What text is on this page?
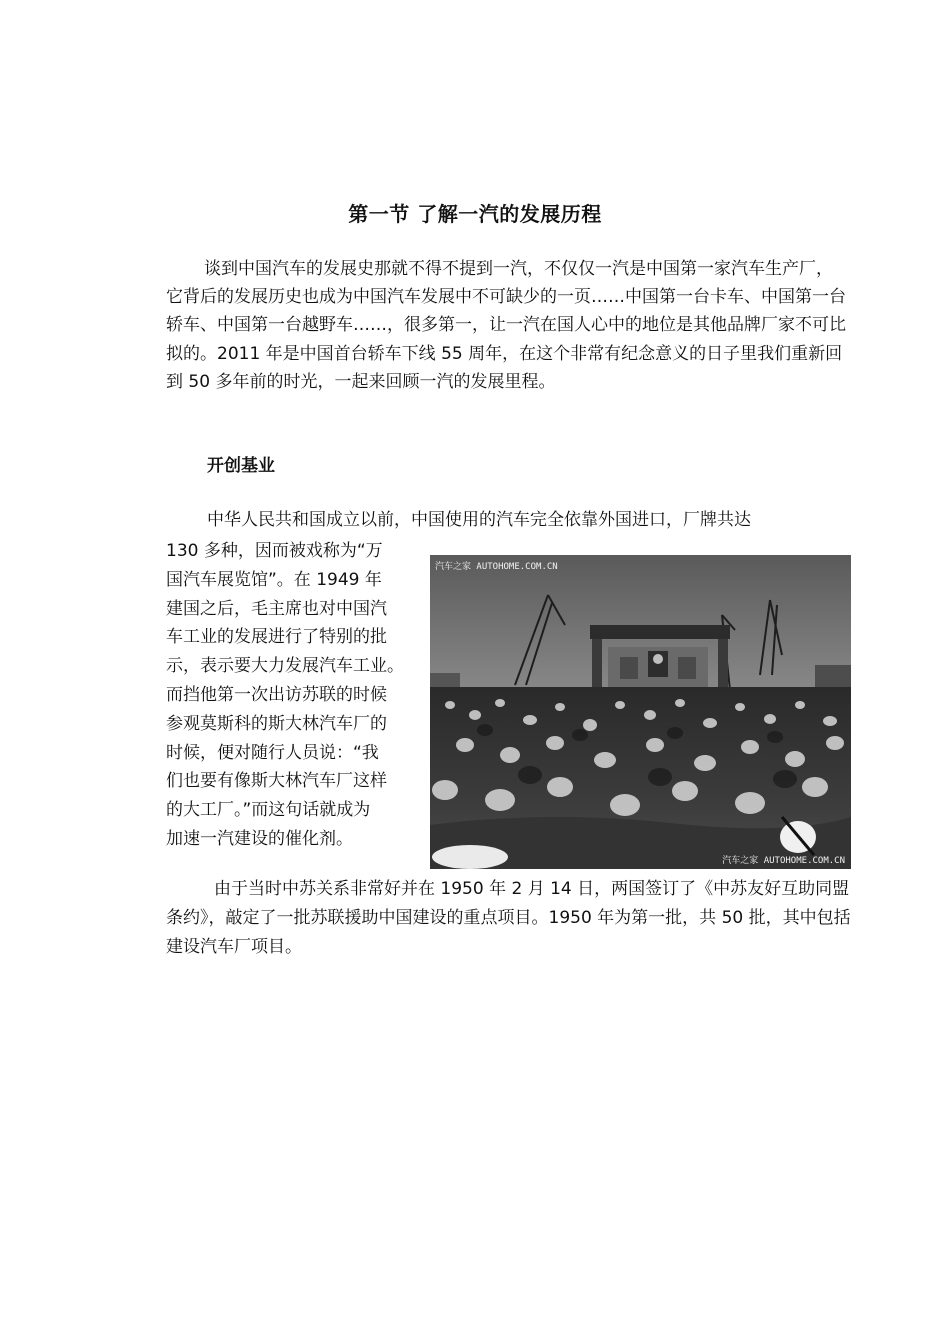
第一节 了解一汽的发展历程

谈到中国汽车的发展史那就不得不提到一汽，不仅仅一汽是中国第一家汽车生产厂，它背后的发展历史也成为中国汽车发展中不可缺少的一页……中国第一台卡车、中国第一台轿车、中国第一台越野车……，很多第一，让一汽在国人心中的地位是其他品牌厂家不可比拟的。2011 年是中国首台轿车下线 55 周年，在这个非常有纪念意义的日子里我们重新回到 50 多年前的时光，一起来回顾一汽的发展里程。

开创基业
中华人民共和国成立以前，中国使用的汽车完全依靠外国进口，厂牌共达
130 多种，因而被戏称为“万
国汽车展览馆”。在 1949 年
建国之后，毛主席也对中国汽
车工业的发展进行了特别的批
示，表示要大力发展汽车工业。
而挡他第一次出访苏联的时候
参观莫斯科的斯大林汽车厂的
时候，便对随行人员说：“我
们也要有像斯大林汽车厂这样
的大工厂。”而这句话就成为
加速一汽建设的催化剂。
汽车之家 AUTOHOME.COM.CN
汽车之家 AUTOHOME.COM.CN

由于当时中苏关系非常好并在 1950 年 2 月 14 日，两国签订了《中苏友好互助同盟条约》，敲定了一批苏联援助中国建设的重点项目。1950 年为第一批，共 50 批，其中包括建设汽车厂项目。
